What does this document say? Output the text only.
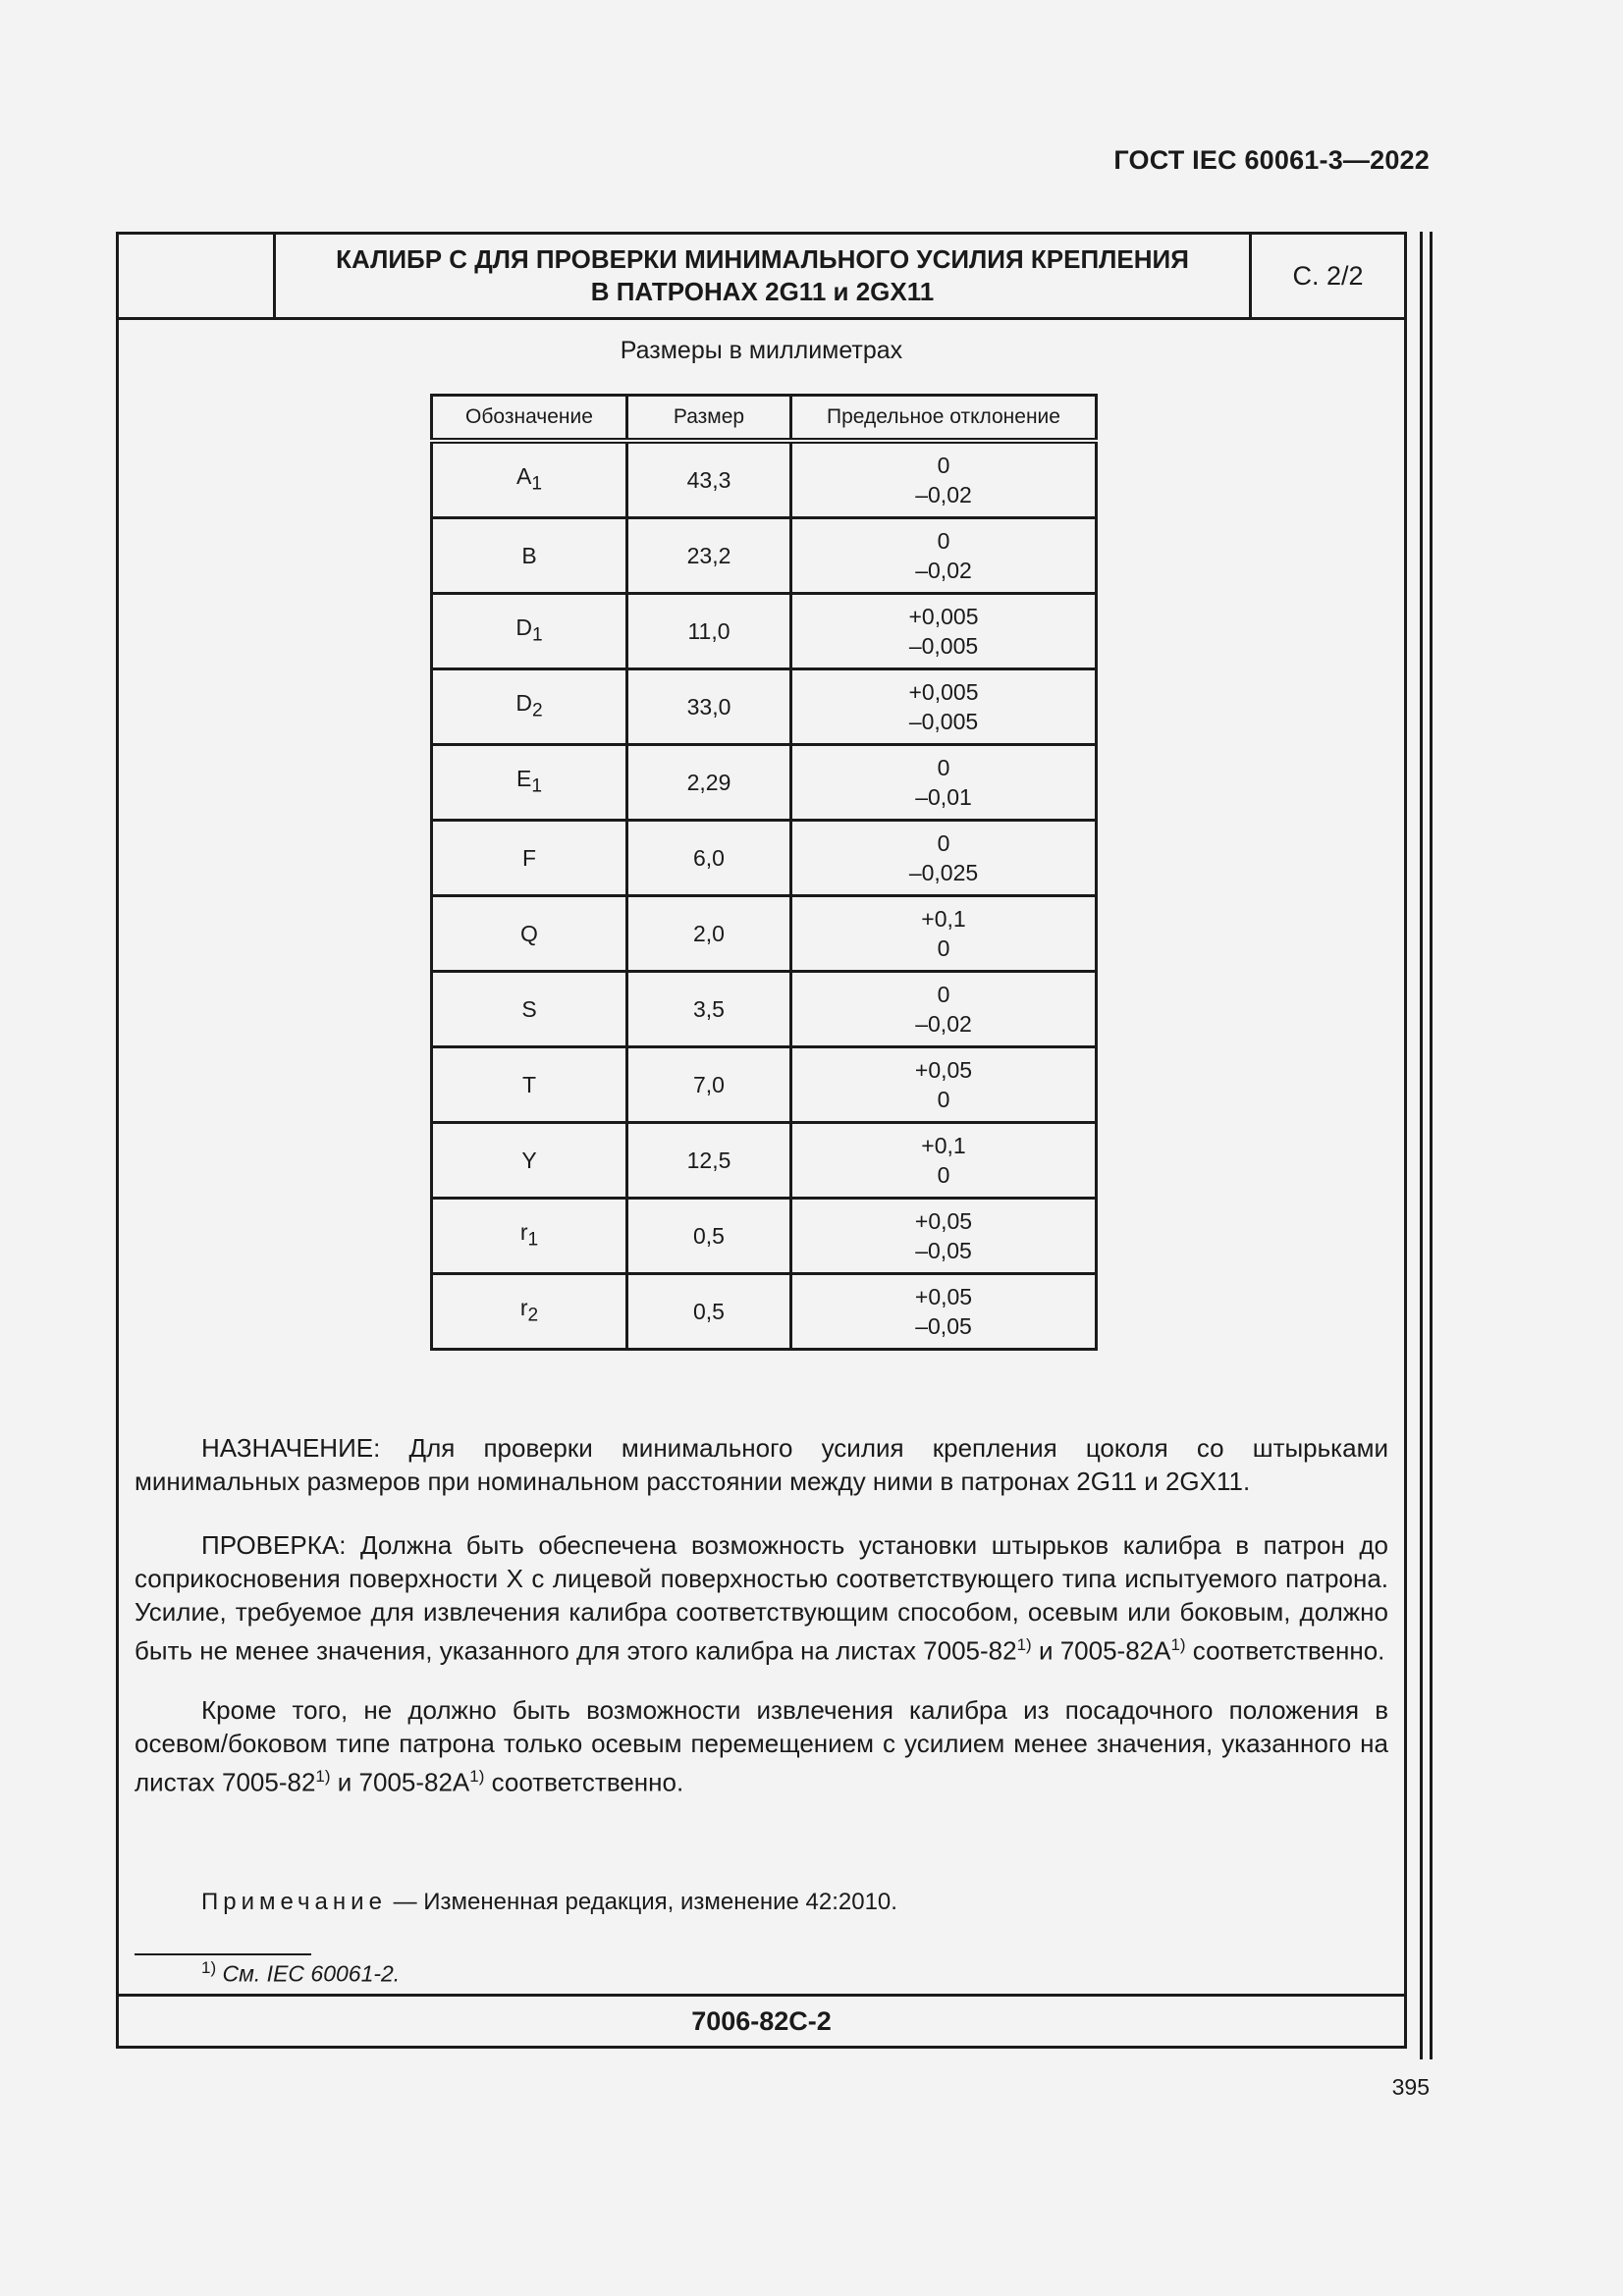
ГОСТ IEC 60061-3—2022
КАЛИБР С ДЛЯ ПРОВЕРКИ МИНИМАЛЬНОГО УСИЛИЯ КРЕПЛЕНИЯ
В ПАТРОНАХ 2G11 и 2GX11
С. 2/2
Размеры в миллиметрах
Обозначение	Размер	Предельное отклонение
$A_1$	43,3	0
–0,02

B	23,2	0
–0,02

$D_1$	11,0	+0,005
–0,005

$D_2$	33,0	+0,005
–0,005

$E_1$	2,29	0
–0,01

F	6,0	0
–0,025

Q	2,0	+0,1
0

S	3,5	0
–0,02

T	7,0	+0,05
0

Y	12,5	+0,1
0

$r_1$	0,5	+0,05
–0,05

$r_2$	0,5	+0,05
–0,05

НАЗНАЧЕНИЕ: Для проверки минимального усилия крепления цоколя со штырьками минимальных размеров при номинальном расстоянии между ними в патронах 2G11 и 2GX11.

ПРОВЕРКА: Должна быть обеспечена возможность установки штырьков калибра в патрон до соприкосновения поверхности X с лицевой поверхностью соответствующего типа испытуемого патрона. Усилие, требуемое для извлечения калибра соответствующим способом, осевым или боковым, должно быть не менее значения, указанного для этого калибра на листах 7005-82$^{1)}$ и $7005-82A^{1)}$ соответственно.

Кроме того, не должно быть возможности извлечения калибра из посадочного положения в осевом/боковом типе патрона только осевым перемещением с усилием менее значения, указанного на листах 7005-82$^{1)}$ и $7005-82A^{1)}$ соответственно.

Примечание — Измененная редакция, изменение 42:2010.
$^{1)}$ См. IEC 60061-2.
7006-82C-2
395
